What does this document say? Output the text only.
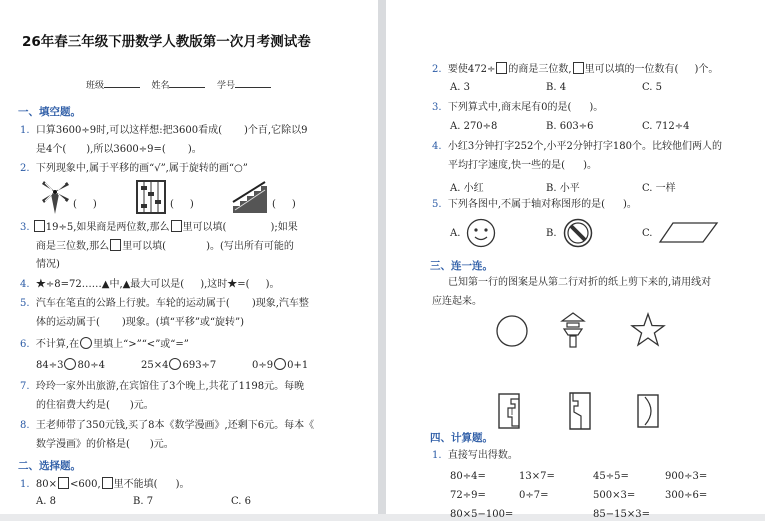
26年春三年级下册数学人教版第一次月考测试卷
班级	姓名	学号
一、填空题。
1. 口算3600÷9时,可以这样想:把3600看成( )个百,它除以9
是4个( ),所以3600÷9=( )。
2. 下列现象中,属于平移的画“√”,属于旋转的画“○”
( )	( )	( )
3. 19÷5,如果商是两位数,那么 里可以填(	);如果
商是三位数,那么 里可以填(	)。(写出所有可能的
情况)
4. ★÷8=72……▲中,▲最大可以是( ),这时★=( )。
5. 汽车在笔直的公路上行驶。车轮的运动属于( )现象,汽车整
体的运动属于( )现象。(填“平移”或“旋转”)
6. 不计算,在 里填上“>”“<”或“=”
84÷3 80÷4	25×4 693÷7	0÷9 0+1
7. 玲玲一家外出旅游,在宾馆住了3个晚上,共花了1198元。每晚
的住宿费大约是( )元。
8. 王老师带了350元钱,买了8本《数学漫画》,还剩下6元。每本《
数学漫画》的价格是( )元。
二、选择题。
1. 80× <600, 里不能填( )。
A. 8	B. 7	C. 6
2. 要使472÷ 的商是三位数, 里可以填的一位数有( )个。
A. 3	B. 4	C. 5
3. 下列算式中,商末尾有0的是( )。
A. 270÷8	B. 603÷6	C. 712÷4
4. 小红3分钟打字252个,小平2分钟打字180个。比较他们两人的
平均打字速度,快一些的是( )。
A. 小红	B. 小平	C. 一样
5. 下列各图中,不属于轴对称图形的是( )。
A.	B.	C.
三、连一连。
已知第一行的图案是从第二行对折的纸上剪下来的,请用线对
应连起来。
四、计算题。
1. 直接写出得数。
80÷4=	13×7=	45÷5=	900÷3=
72÷9=	0÷7=	500×3=	300÷6=
80×5−100=	85−15×3=
